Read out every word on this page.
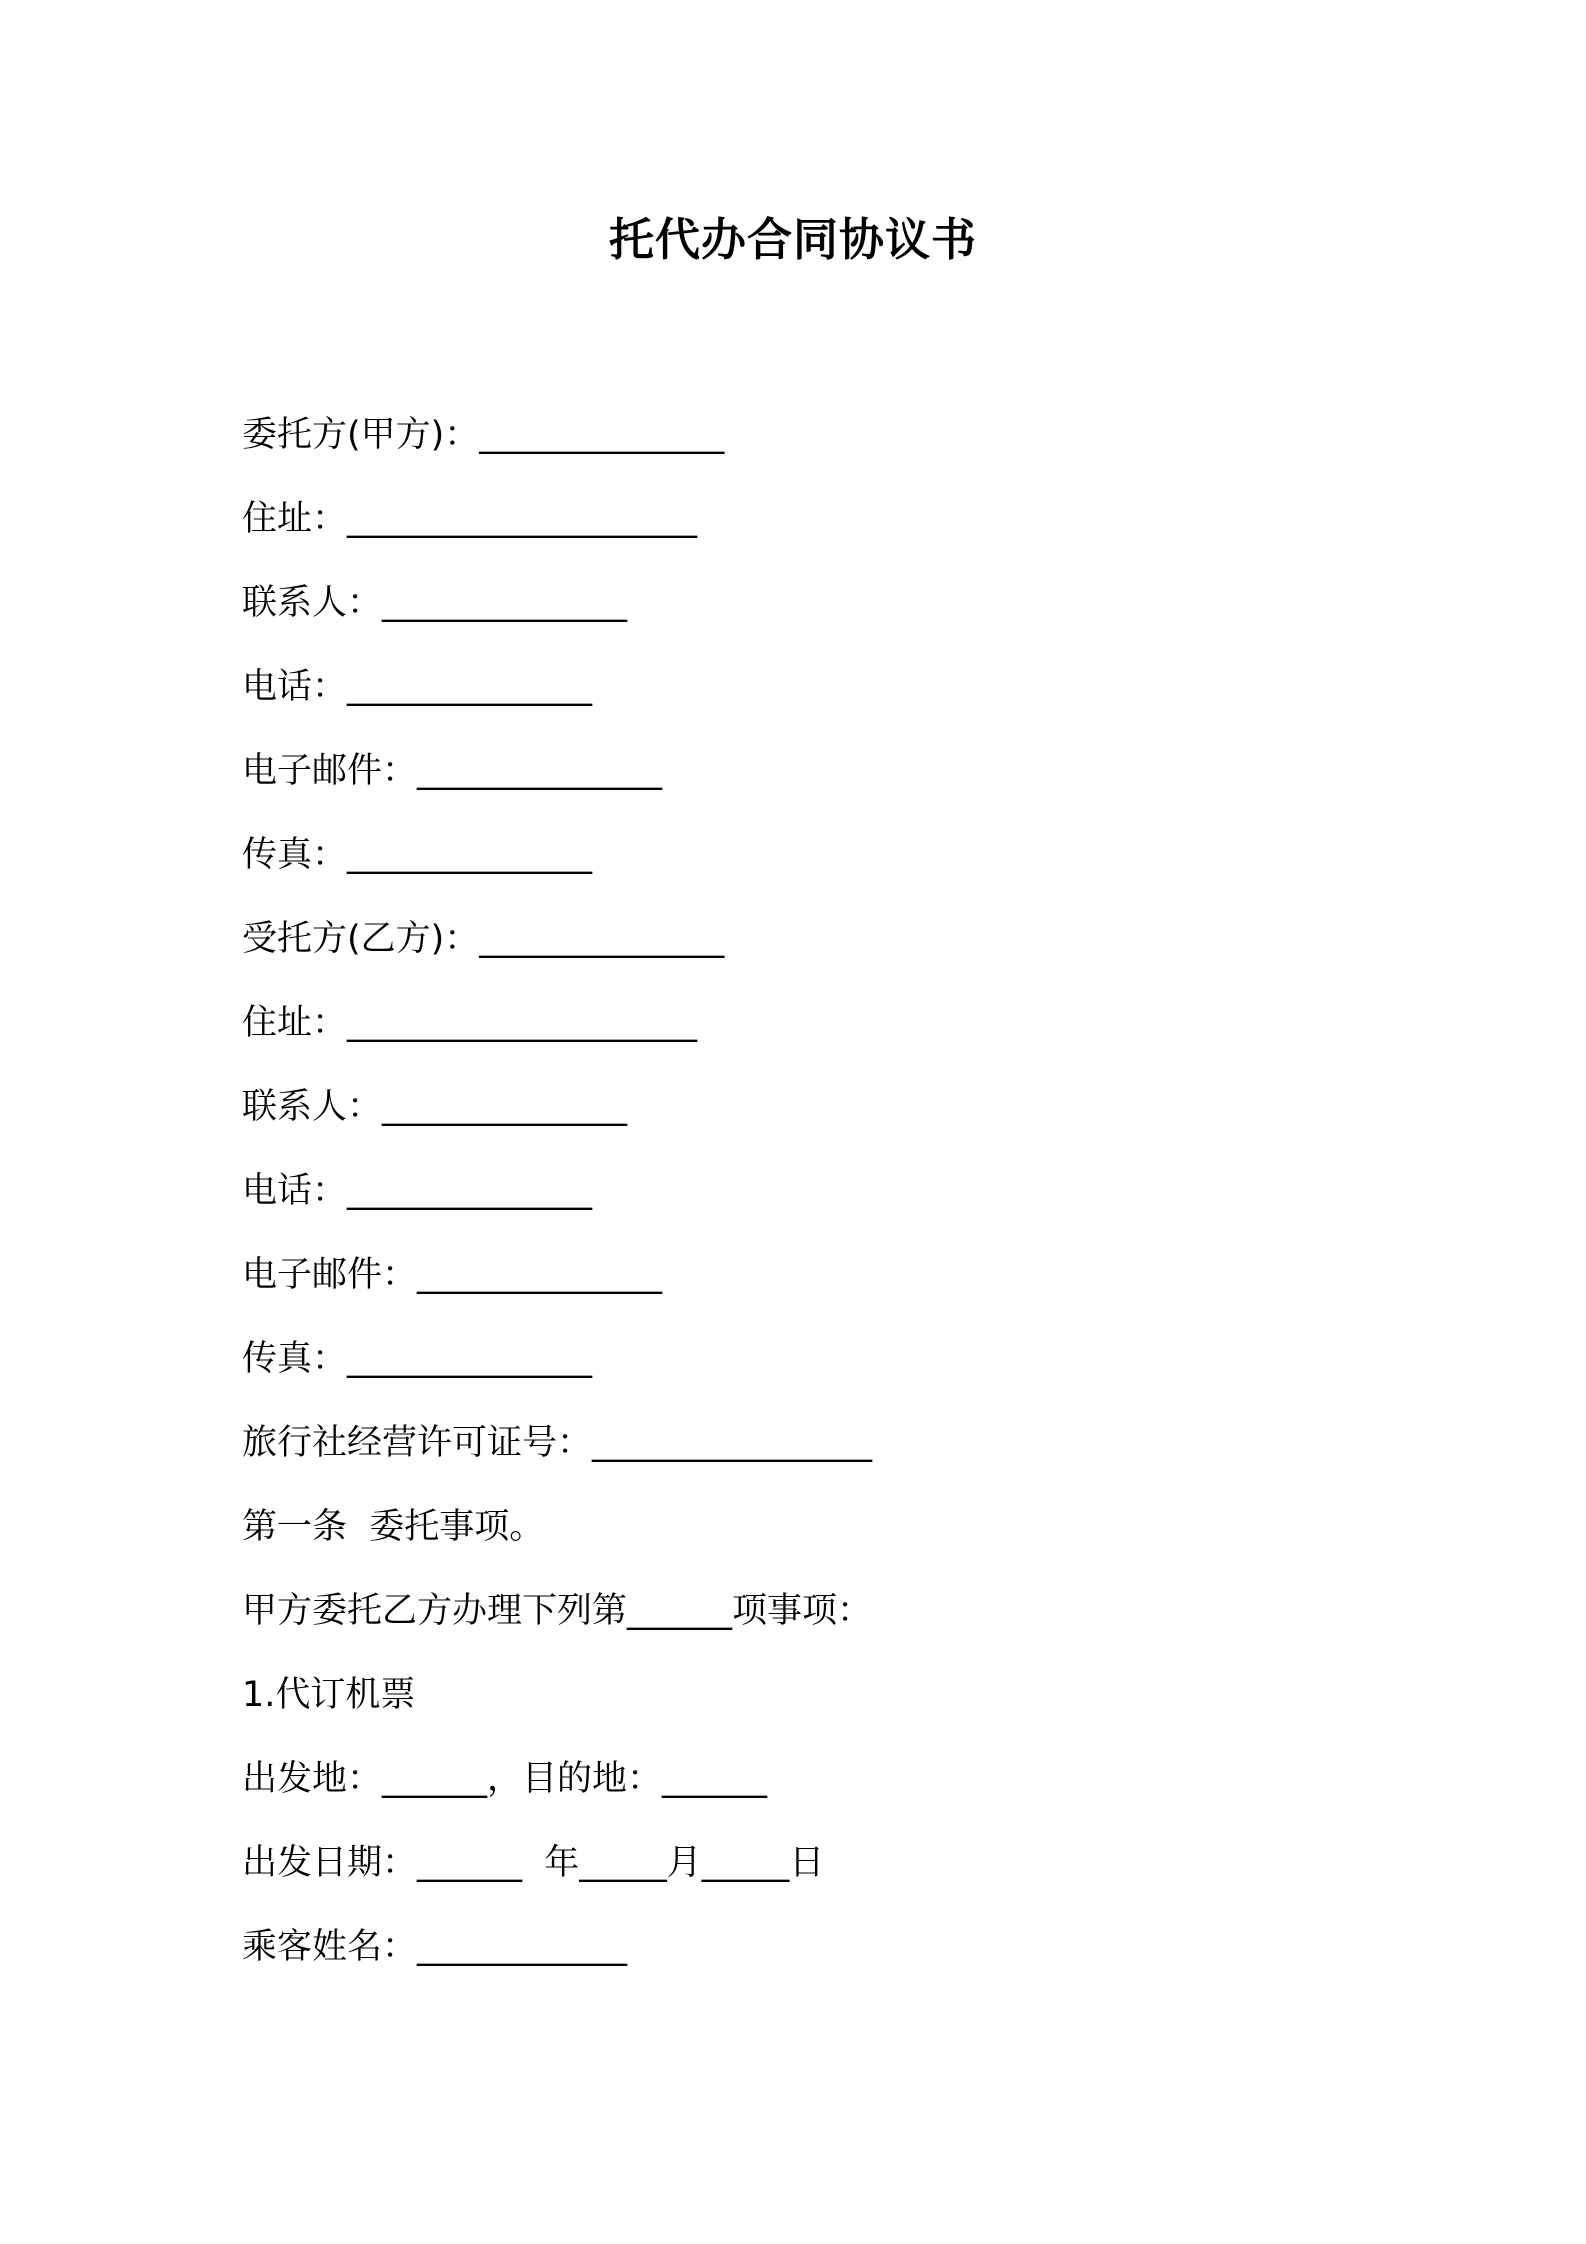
托代办合同协议书
委托方(甲方)：______________
住址：____________________
联系人：______________
电话：______________
电子邮件：______________
传真：______________
受托方(乙方)：______________
住址：____________________
联系人：______________
电话：______________
电子邮件：______________
传真：______________
旅行社经营许可证号：________________
第一条  委托事项。
甲方委托乙方办理下列第______项事项：
1.代订机票
出发地：______，目的地：______
出发日期：______  年_____月_____日
乘客姓名：____________
